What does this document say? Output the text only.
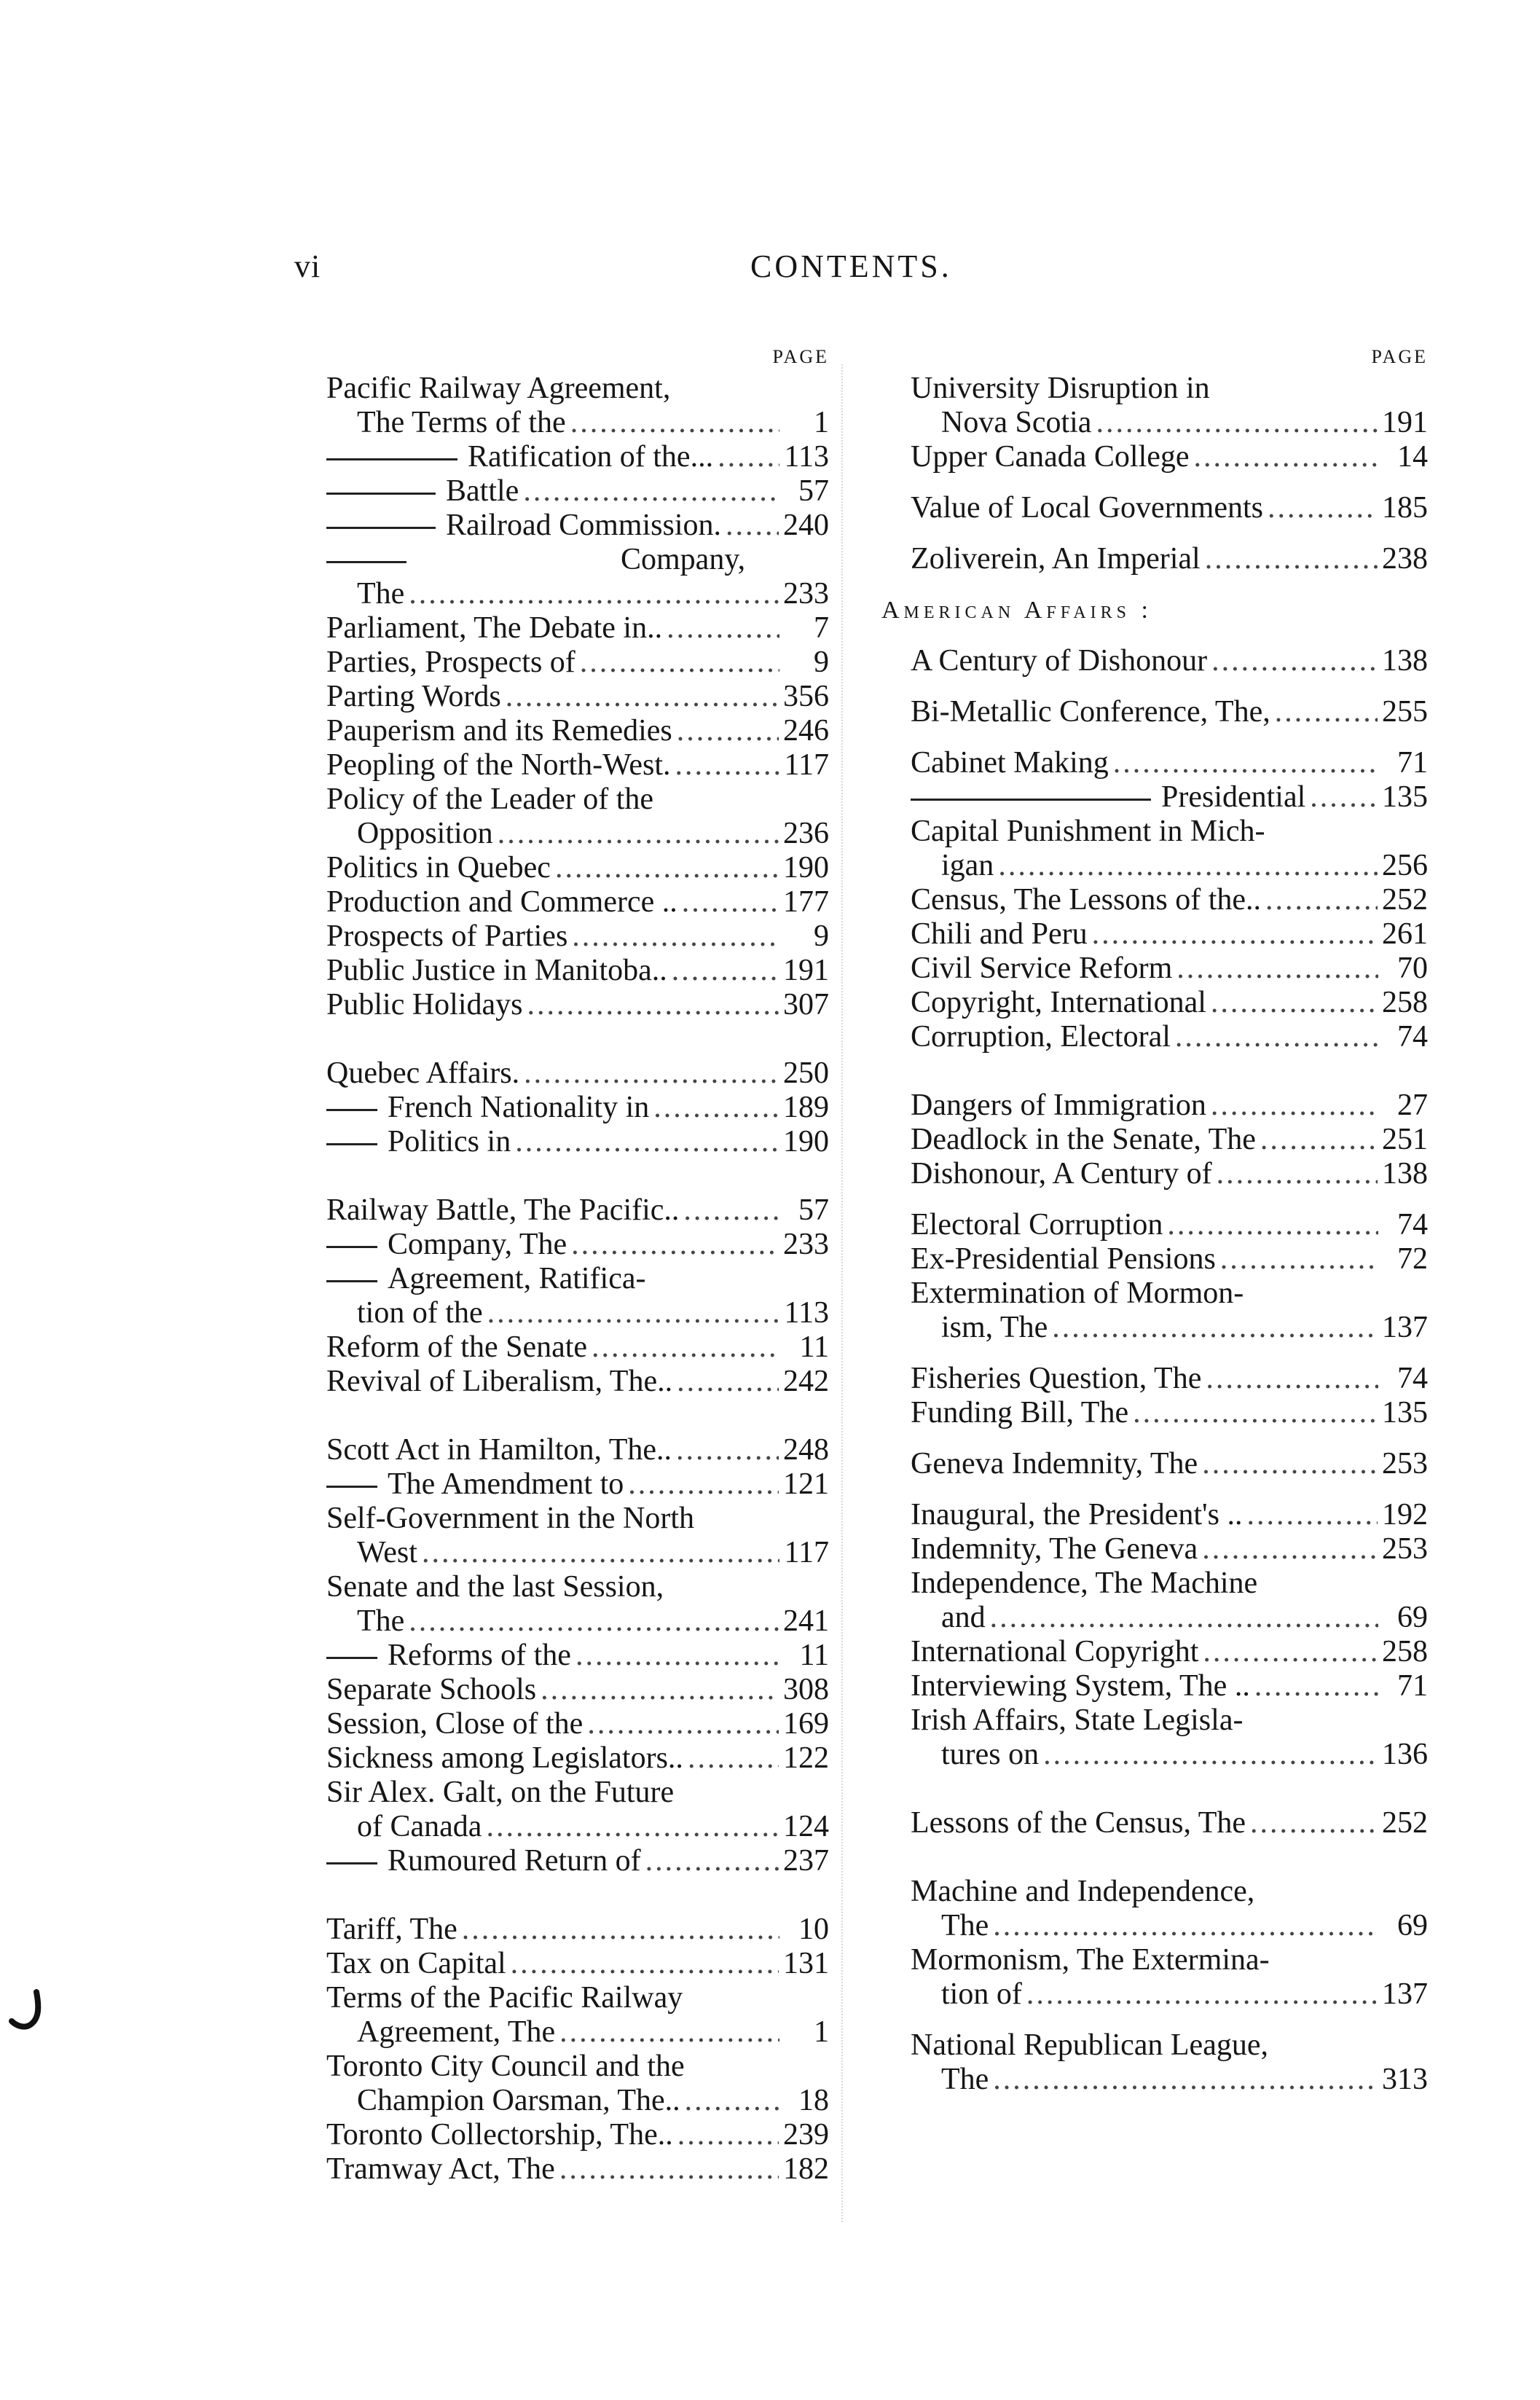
vi	CONTENTS.
PAGE
Pacific Railway Agreement,
The Terms of the .....	1
Ratification of the... ..... 113
Battle .....	57
Railroad Commission. ..... 240
Company,
The .....	233
Parliament, The Debate in.. .....	7
Parties, Prospects of .....	9
Parting Words .....	356
Pauperism and its Remedies .....	246
Peopling of the North-West. .....	117
Policy of the Leader of the
Opposition .....	236
Politics in Quebec .....	190
Production and Commerce .. .....	177
Prospects of Parties .....	9
Public Justice in Manitoba.. .....	191
Public Holidays .....	307
Quebec Affairs. .....	250
French Nationality in .....	189
Politics in .....	190
Railway Battle, The Pacific.. .....	57
Company, The .....	233
Agreement, Ratifica-
tion of the .....	113
Reform of the Senate .....	11
Revival of Liberalism, The.. .....	242
Scott Act in Hamilton, The.. .....	248
The Amendment to .....	121
Self-Government in the North
West .....	117
Senate and the last Session,
The .....	241
Reforms of the .....	11
Separate Schools .....	308
Session, Close of the .....	169
Sickness among Legislators.. .....	122
Sir Alex. Galt, on the Future
of Canada .....	124
Rumoured Return of .....	237
Tariff, The .....	10
Tax on Capital .....	131
Terms of the Pacific Railway
Agreement, The .....	1
Toronto City Council and the
Champion Oarsman, The.. .....	18
Toronto Collectorship, The.. .....	239
Tramway Act, The .....	182
PAGE
University Disruption in
Nova Scotia .....	191
Upper Canada College .....	14
Value of Local Governments .....	185
Zoliverein, An Imperial .....	238
American Affairs :
A Century of Dishonour .....	138
Bi-Metallic Conference, The, .....	255
Cabinet Making .....	71
Presidential ..... 135
Capital Punishment in Mich-
igan .....	256
Census, The Lessons of the.. .....	252
Chili and Peru .....	261
Civil Service Reform .....	70
Copyright, International .....	258
Corruption, Electoral .....	74
Dangers of Immigration .....	27
Deadlock in the Senate, The .....	251
Dishonour, A Century of .....	138
Electoral Corruption .....	74
Ex-Presidential Pensions .....	72
Extermination of Mormon-
ism, The .....	137
Fisheries Question, The .....	74
Funding Bill, The .....	135
Geneva Indemnity, The .....	253
Inaugural, the President's .. .....	192
Indemnity, The Geneva .....	253
Independence, The Machine
and .....	69
International Copyright .....	258
Interviewing System, The .. .....	71
Irish Affairs, State Legisla-
tures on .....	136
Lessons of the Census, The .....	252
Machine and Independence,
The .....	69
Mormonism, The Extermina-
tion of .....	137
National Republican League,
The .....	313
